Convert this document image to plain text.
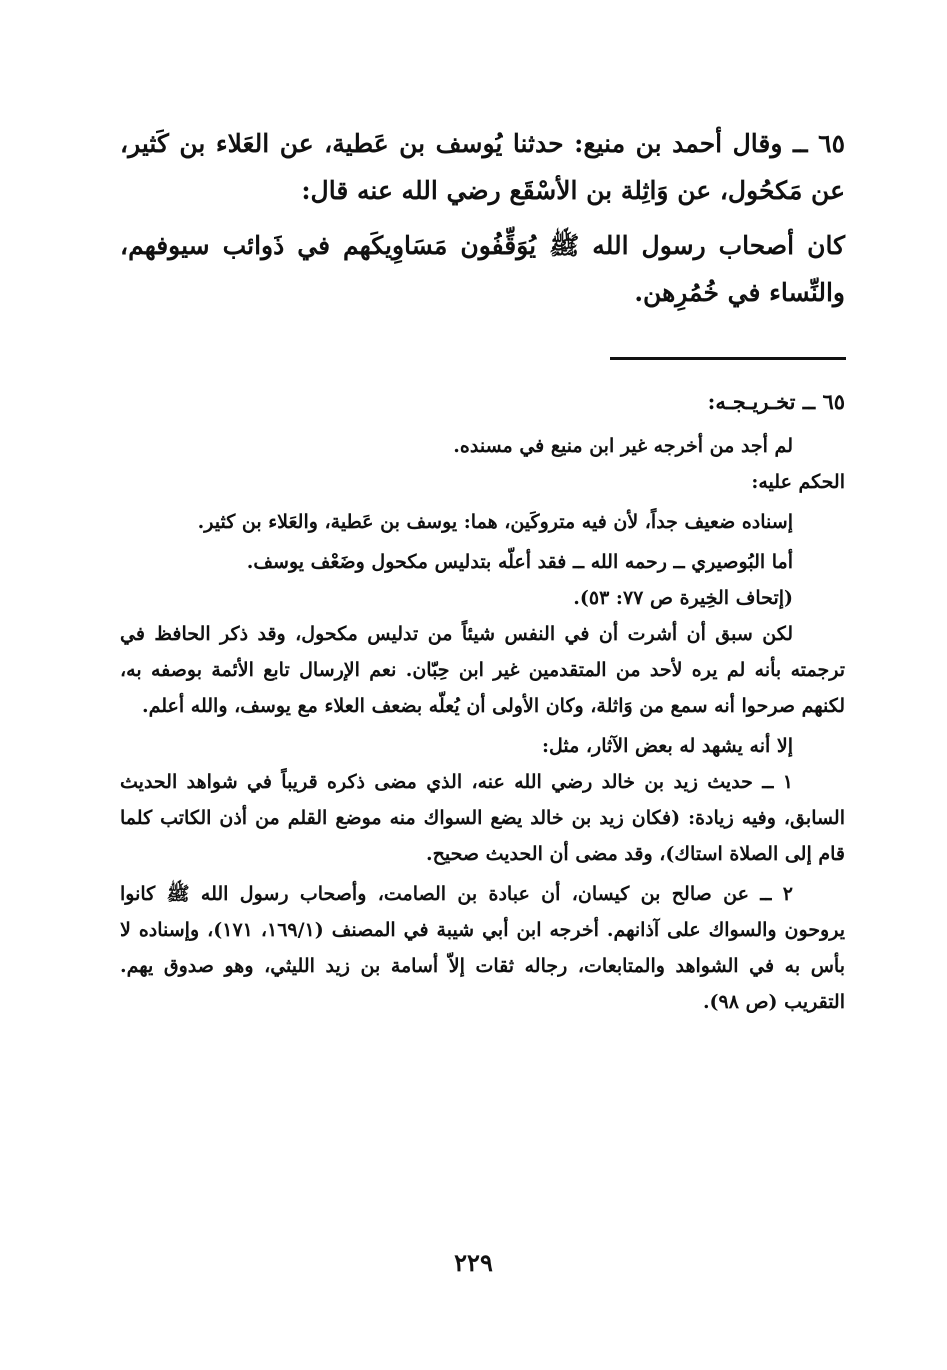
٦٥ ــ وقال أحمد بن منيع: حدثنا يُوسف بن عَطية، عن العَلاء بن كَثير، عن مَكحُول، عن وَاثِلة بن الأسْقَع رضي الله عنه قال:

كان أصحاب رسول الله ﷺ يُوَقِّفُون مَسَاوِيكَهم في ذَوائب سيوفهم، والنِّساء في خُمُرِهن.

٦٥ ــ تخـريـجـه:

لم أجد من أخرجه غير ابن منيع في مسنده.

الحكم عليه:

إسناده ضعيف جداً، لأن فيه متروكَين، هما: يوسف بن عَطية، والعَلاء بن كثير.

أما البُوصيري ــ رحمه الله ــ فقد أعلّه بتدليس مكحول وضَعْف يوسف.

(إتحاف الخِيرة ص ٧٧: ٥٣).

لكن سبق أن أشرت أن في النفس شيئاً من تدليس مكحول، وقد ذكر الحافظ في ترجمته بأنه لم يره لأحد من المتقدمين غير ابن حِبّان. نعم الإرسال تابع الأئمة بوصفه به، لكنهم صرحوا أنه سمع من وَاثلة، وكان الأولى أن يُعلّه بضعف العلاء مع يوسف، والله أعلم.

إلا أنه يشهد له بعض الآثار، مثل:

١ ــ حديث زيد بن خالد رضي الله عنه، الذي مضى ذكره قريباً في شواهد الحديث السابق، وفيه زيادة: (فكان زيد بن خالد يضع السواك منه موضع القلم من أذن الكاتب كلما قام إلى الصلاة استاك)، وقد مضى أن الحديث صحيح.

٢ ــ عن صالح بن كيسان، أن عبادة بن الصامت، وأصحاب رسول الله ﷺ كانوا يروحون والسواك على آذانهم. أخرجه ابن أبي شيبة في المصنف (١٦٩/١، ١٧١)، وإسناده لا بأس به في الشواهد والمتابعات، رجاله ثقات إلاّ أسامة بن زيد الليثي، وهو صدوق يهم. التقريب (ص ٩٨).

٢٢٩
